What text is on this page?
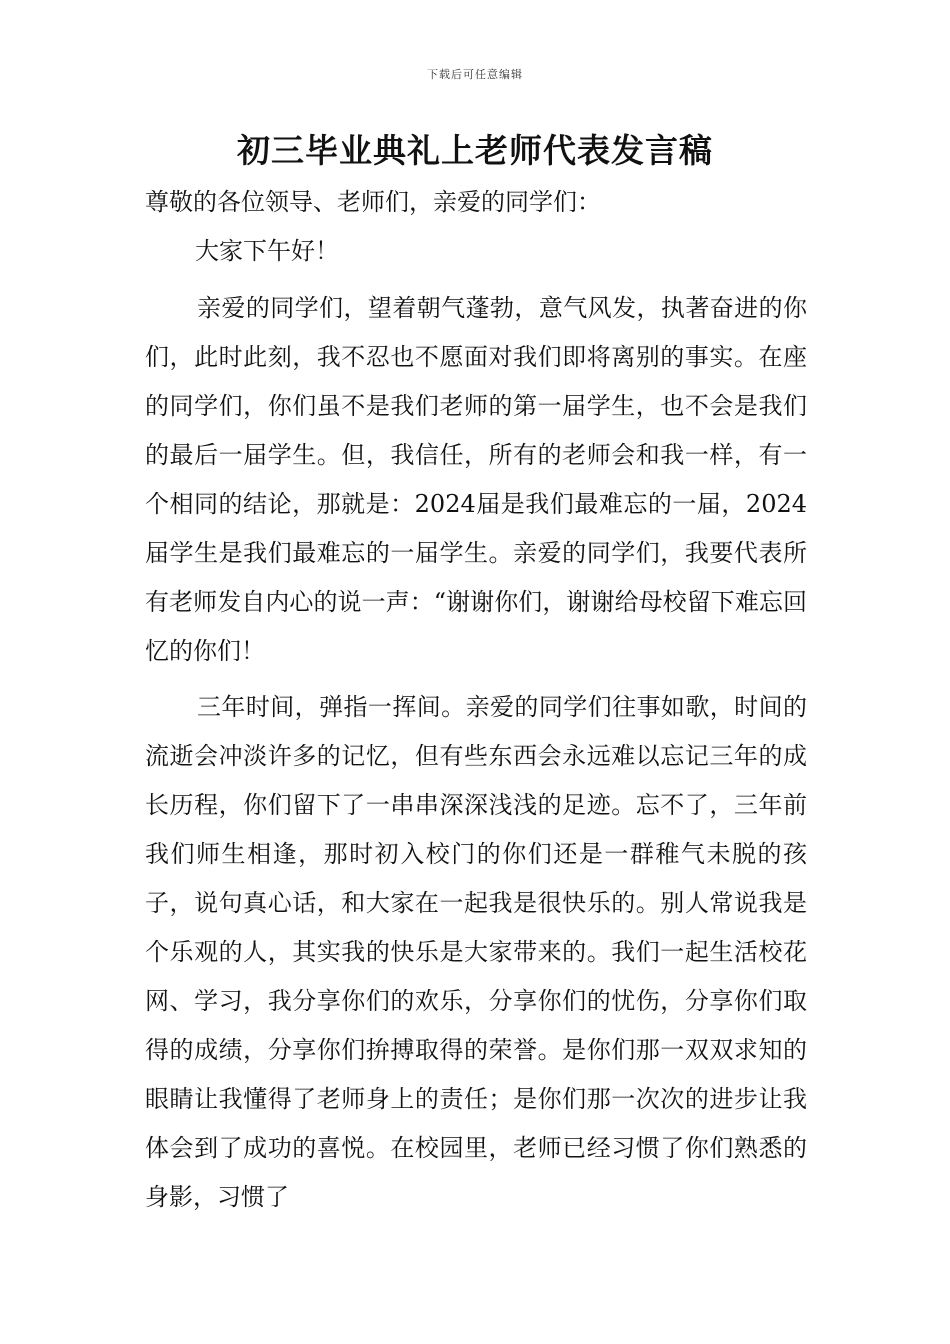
下载后可任意编辑
初三毕业典礼上老师代表发言稿

尊敬的各位领导、老师们，亲爱的同学们：

大家下午好！

亲爱的同学们，望着朝气蓬勃，意气风发，执著奋进的你们，此时此刻，我不忍也不愿面对我们即将离别的事实。在座的同学们，你们虽不是我们老师的第一届学生，也不会是我们的最后一届学生。但，我信任，所有的老师会和我一样，有一个相同的结论，那就是：2024届是我们最难忘的一届，2024届学生是我们最难忘的一届学生。亲爱的同学们，我要代表所有老师发自内心的说一声：“谢谢你们，谢谢给母校留下难忘回忆的你们！

三年时间，弹指一挥间。亲爱的同学们往事如歌，时间的流逝会冲淡许多的记忆，但有些东西会永远难以忘记三年的成长历程，你们留下了一串串深深浅浅的足迹。忘不了，三年前我们师生相逢，那时初入校门的你们还是一群稚气未脱的孩子，说句真心话，和大家在一起我是很快乐的。别人常说我是个乐观的人，其实我的快乐是大家带来的。我们一起生活校花网、学习，我分享你们的欢乐，分享你们的忧伤，分享你们取得的成绩，分享你们拚搏取得的荣誉。是你们那一双双求知的眼睛让我懂得了老师身上的责任；是你们那一次次的进步让我体会到了成功的喜悦。在校园里，老师已经习惯了你们熟悉的身影，习惯了
